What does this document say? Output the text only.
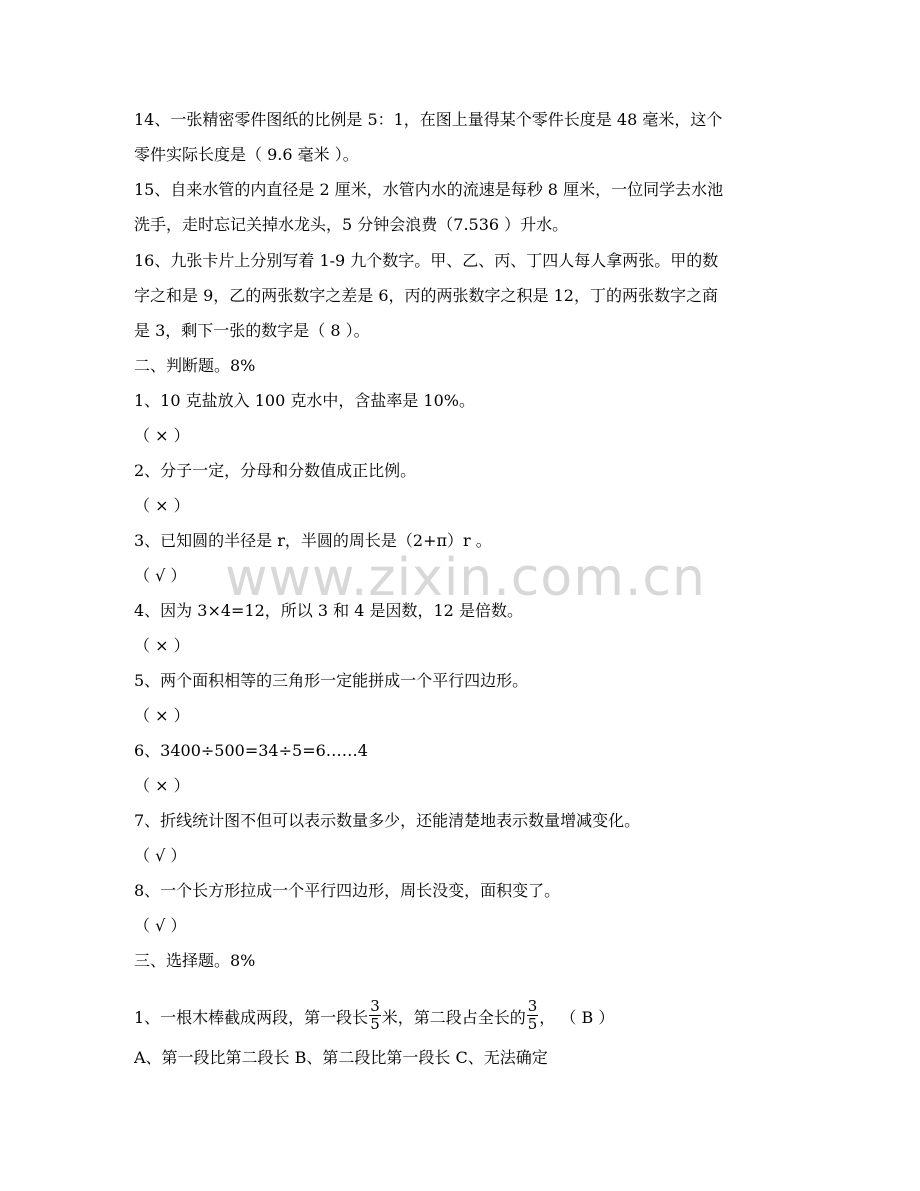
14、一张精密零件图纸的比例是 5：1，在图上量得某个零件长度是 48 毫米，这个
零件实际长度是（ 9.6 毫米 ）。
15、自来水管的内直径是 2 厘米，水管内水的流速是每秒 8 厘米，一位同学去水池
洗手，走时忘记关掉水龙头，5 分钟会浪费（7.536 ）升水。
16、九张卡片上分别写着 1-9 九个数字。甲、乙、丙、丁四人每人拿两张。甲的数
字之和是 9，乙的两张数字之差是 6，丙的两张数字之积是 12，丁的两张数字之商
是 3，剩下一张的数字是（ 8 ）。
二、判断题。8%
1、10 克盐放入 100 克水中，含盐率是 10%。
（ × ）
2、分子一定，分母和分数值成正比例。
（ × ）
3、已知圆的半径是 r，半圆的周长是（2+π）r 。
（ √ ）
4、因为 3×4=12，所以 3 和 4 是因数，12 是倍数。
（ × ）
5、两个面积相等的三角形一定能拼成一个平行四边形。
（ × ）
6、3400÷500=34÷5=6……4
（ × ）
7、折线统计图不但可以表示数量多少，还能清楚地表示数量增减变化。
（ √ ）
8、一个长方形拉成一个平行四边形，周长没变，面积变了。
（ √ ）
三、选择题。8%
1、一根木棒截成两段，第一段长 $\frac{3}{5}$ 米，第二段占全长的 $\frac{3}{5}$ ， （ B ）
A、第一段比第二段长 B、第二段比第一段长 C、无法确定
www.zixin.com.cn
